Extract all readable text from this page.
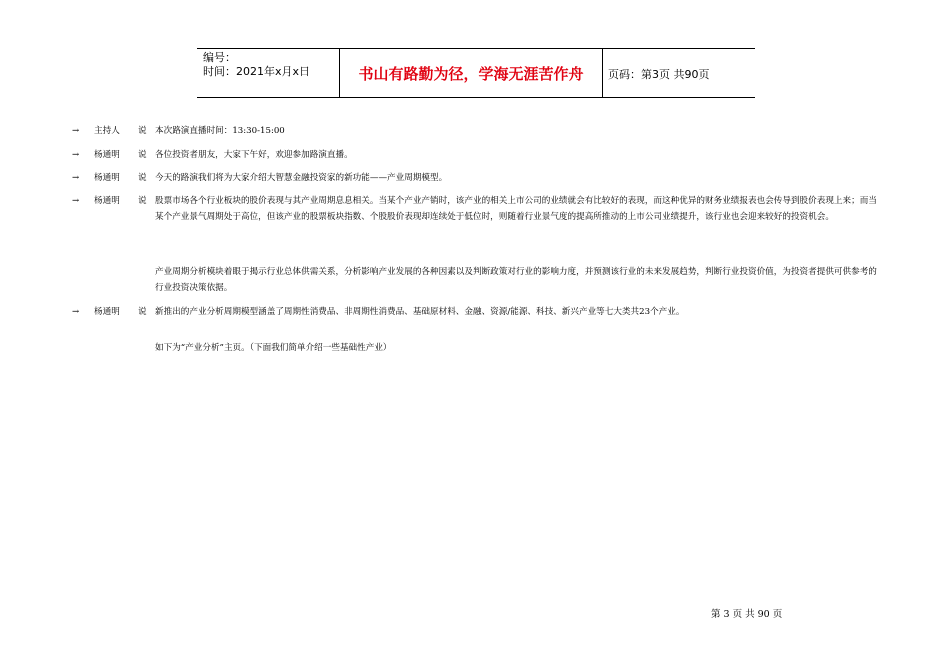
编号：
时间：2021年x月x日	书山有路勤为径，学海无涯苦作舟	页码：第3页 共90页
→	主持人	说 本次路演直播时间：13:30-15:00
→	杨通明	说 各位投资者朋友，大家下午好，欢迎参加路演直播。
→	杨通明	说 今天的路演我们将为大家介绍大智慧金融投资家的新功能——产业周期模型。
→	杨通明	说 股票市场各个行业板块的股价表现与其产业周期息息相关。当某个产业产销时，该产业的相关上市公司的业绩就会有比较好的表现，而这种优异的财务业绩报表也会传导到股价表现上来；而当某个产业景气周期处于高位，但该产业的股票板块指数、个股股价表现却连续处于低位时，则随着行业景气度的提高所推动的上市公司业绩提升，该行业也会迎来较好的投资机会。
产业周期分析模块着眼于揭示行业总体供需关系，分析影响产业发展的各种因素以及判断政策对行业的影响力度，并预测该行业的未来发展趋势，判断行业投资价值，为投资者提供可供参考的行业投资决策依据。
→	杨通明	说 新推出的产业分析周期模型涵盖了周期性消费品、非周期性消费品、基础原材料、金融、资源/能源、科技、新兴产业等七大类共23个产业。
如下为“产业分析”主页。（下面我们简单介绍一些基础性产业）
第 3 页 共 90 页
